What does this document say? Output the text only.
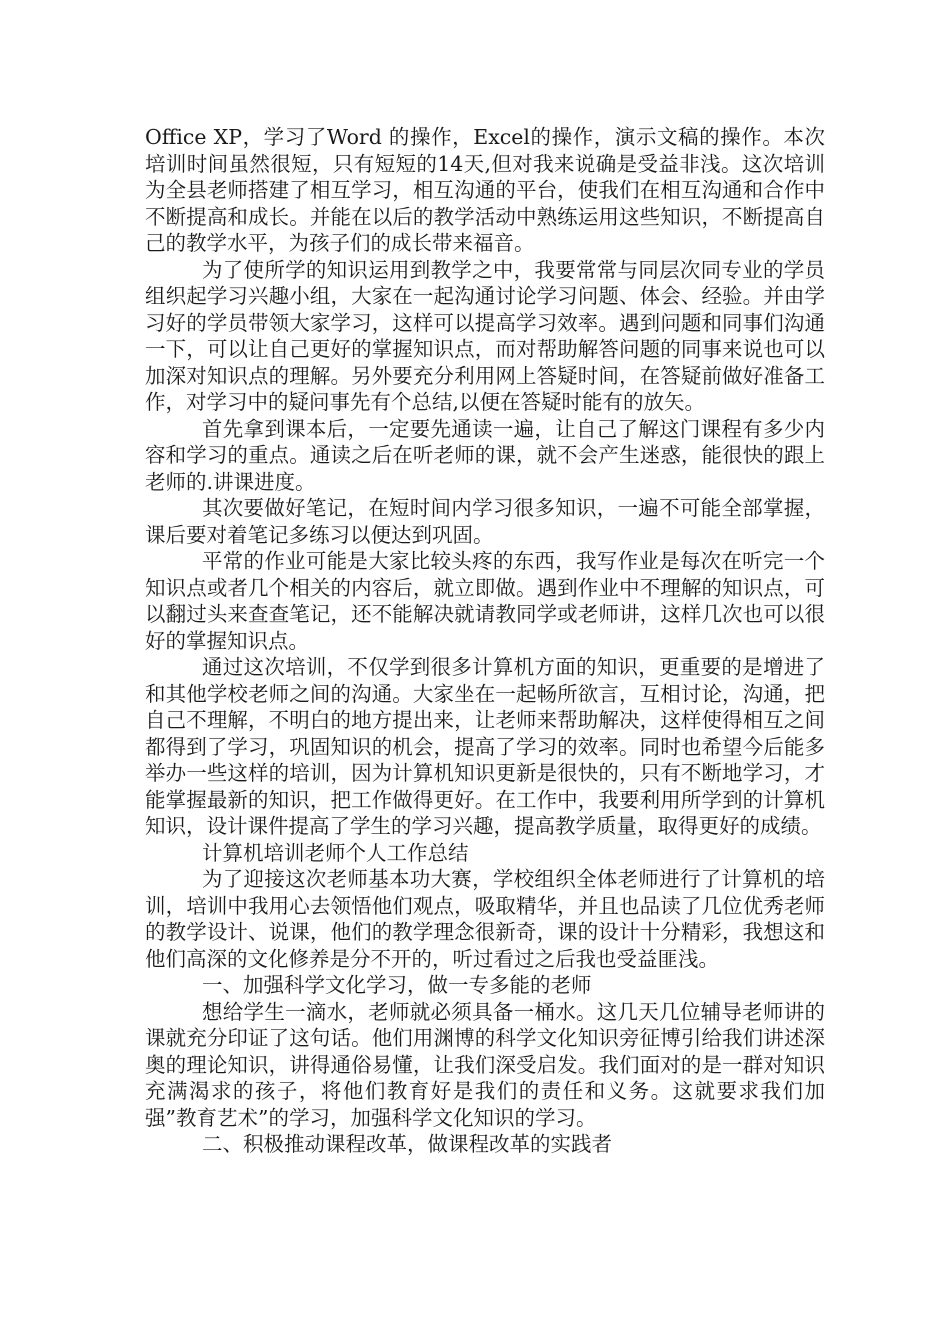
Office XP，学习了Word 的操作，Excel的操作，演示文稿的操作。本次培训时间虽然很短，只有短短的14天,但对我来说确是受益非浅。这次培训为全县老师搭建了相互学习，相互沟通的平台，使我们在相互沟通和合作中不断提高和成长。并能在以后的教学活动中熟练运用这些知识，不断提高自己的教学水平，为孩子们的成长带来福音。

为了使所学的知识运用到教学之中，我要常常与同层次同专业的学员组织起学习兴趣小组，大家在一起沟通讨论学习问题、体会、经验。并由学习好的学员带领大家学习，这样可以提高学习效率。遇到问题和同事们沟通一下，可以让自己更好的掌握知识点，而对帮助解答问题的同事来说也可以加深对知识点的理解。另外要充分利用网上答疑时间，在答疑前做好准备工作，对学习中的疑问事先有个总结,以便在答疑时能有的放矢。

首先拿到课本后，一定要先通读一遍，让自己了解这门课程有多少内容和学习的重点。通读之后在听老师的课，就不会产生迷惑，能很快的跟上老师的.讲课进度。

其次要做好笔记，在短时间内学习很多知识，一遍不可能全部掌握，课后要对着笔记多练习以便达到巩固。

平常的作业可能是大家比较头疼的东西，我写作业是每次在听完一个知识点或者几个相关的内容后，就立即做。遇到作业中不理解的知识点，可以翻过头来查查笔记，还不能解决就请教同学或老师讲，这样几次也可以很好的掌握知识点。

通过这次培训，不仅学到很多计算机方面的知识，更重要的是增进了和其他学校老师之间的沟通。大家坐在一起畅所欲言，互相讨论，沟通，把自己不理解，不明白的地方提出来，让老师来帮助解决，这样使得相互之间都得到了学习，巩固知识的机会，提高了学习的效率。同时也希望今后能多举办一些这样的培训，因为计算机知识更新是很快的，只有不断地学习，才能掌握最新的知识，把工作做得更好。在工作中，我要利用所学到的计算机知识，设计课件提高了学生的学习兴趣，提高教学质量，取得更好的成绩。

计算机培训老师个人工作总结

为了迎接这次老师基本功大赛，学校组织全体老师进行了计算机的培训，培训中我用心去领悟他们观点，吸取精华，并且也品读了几位优秀老师的教学设计、说课，他们的教学理念很新奇，课的设计十分精彩，我想这和他们高深的文化修养是分不开的，听过看过之后我也受益匪浅。

一、加强科学文化学习，做一专多能的老师

想给学生一滴水，老师就必须具备一桶水。这几天几位辅导老师讲的课就充分印证了这句话。他们用渊博的科学文化知识旁征博引给我们讲述深奥的理论知识，讲得通俗易懂，让我们深受启发。我们面对的是一群对知识充满渴求的孩子，将他们教育好是我们的责任和义务。这就要求我们加强”教育艺术”的学习，加强科学文化知识的学习。

二、积极推动课程改革，做课程改革的实践者
